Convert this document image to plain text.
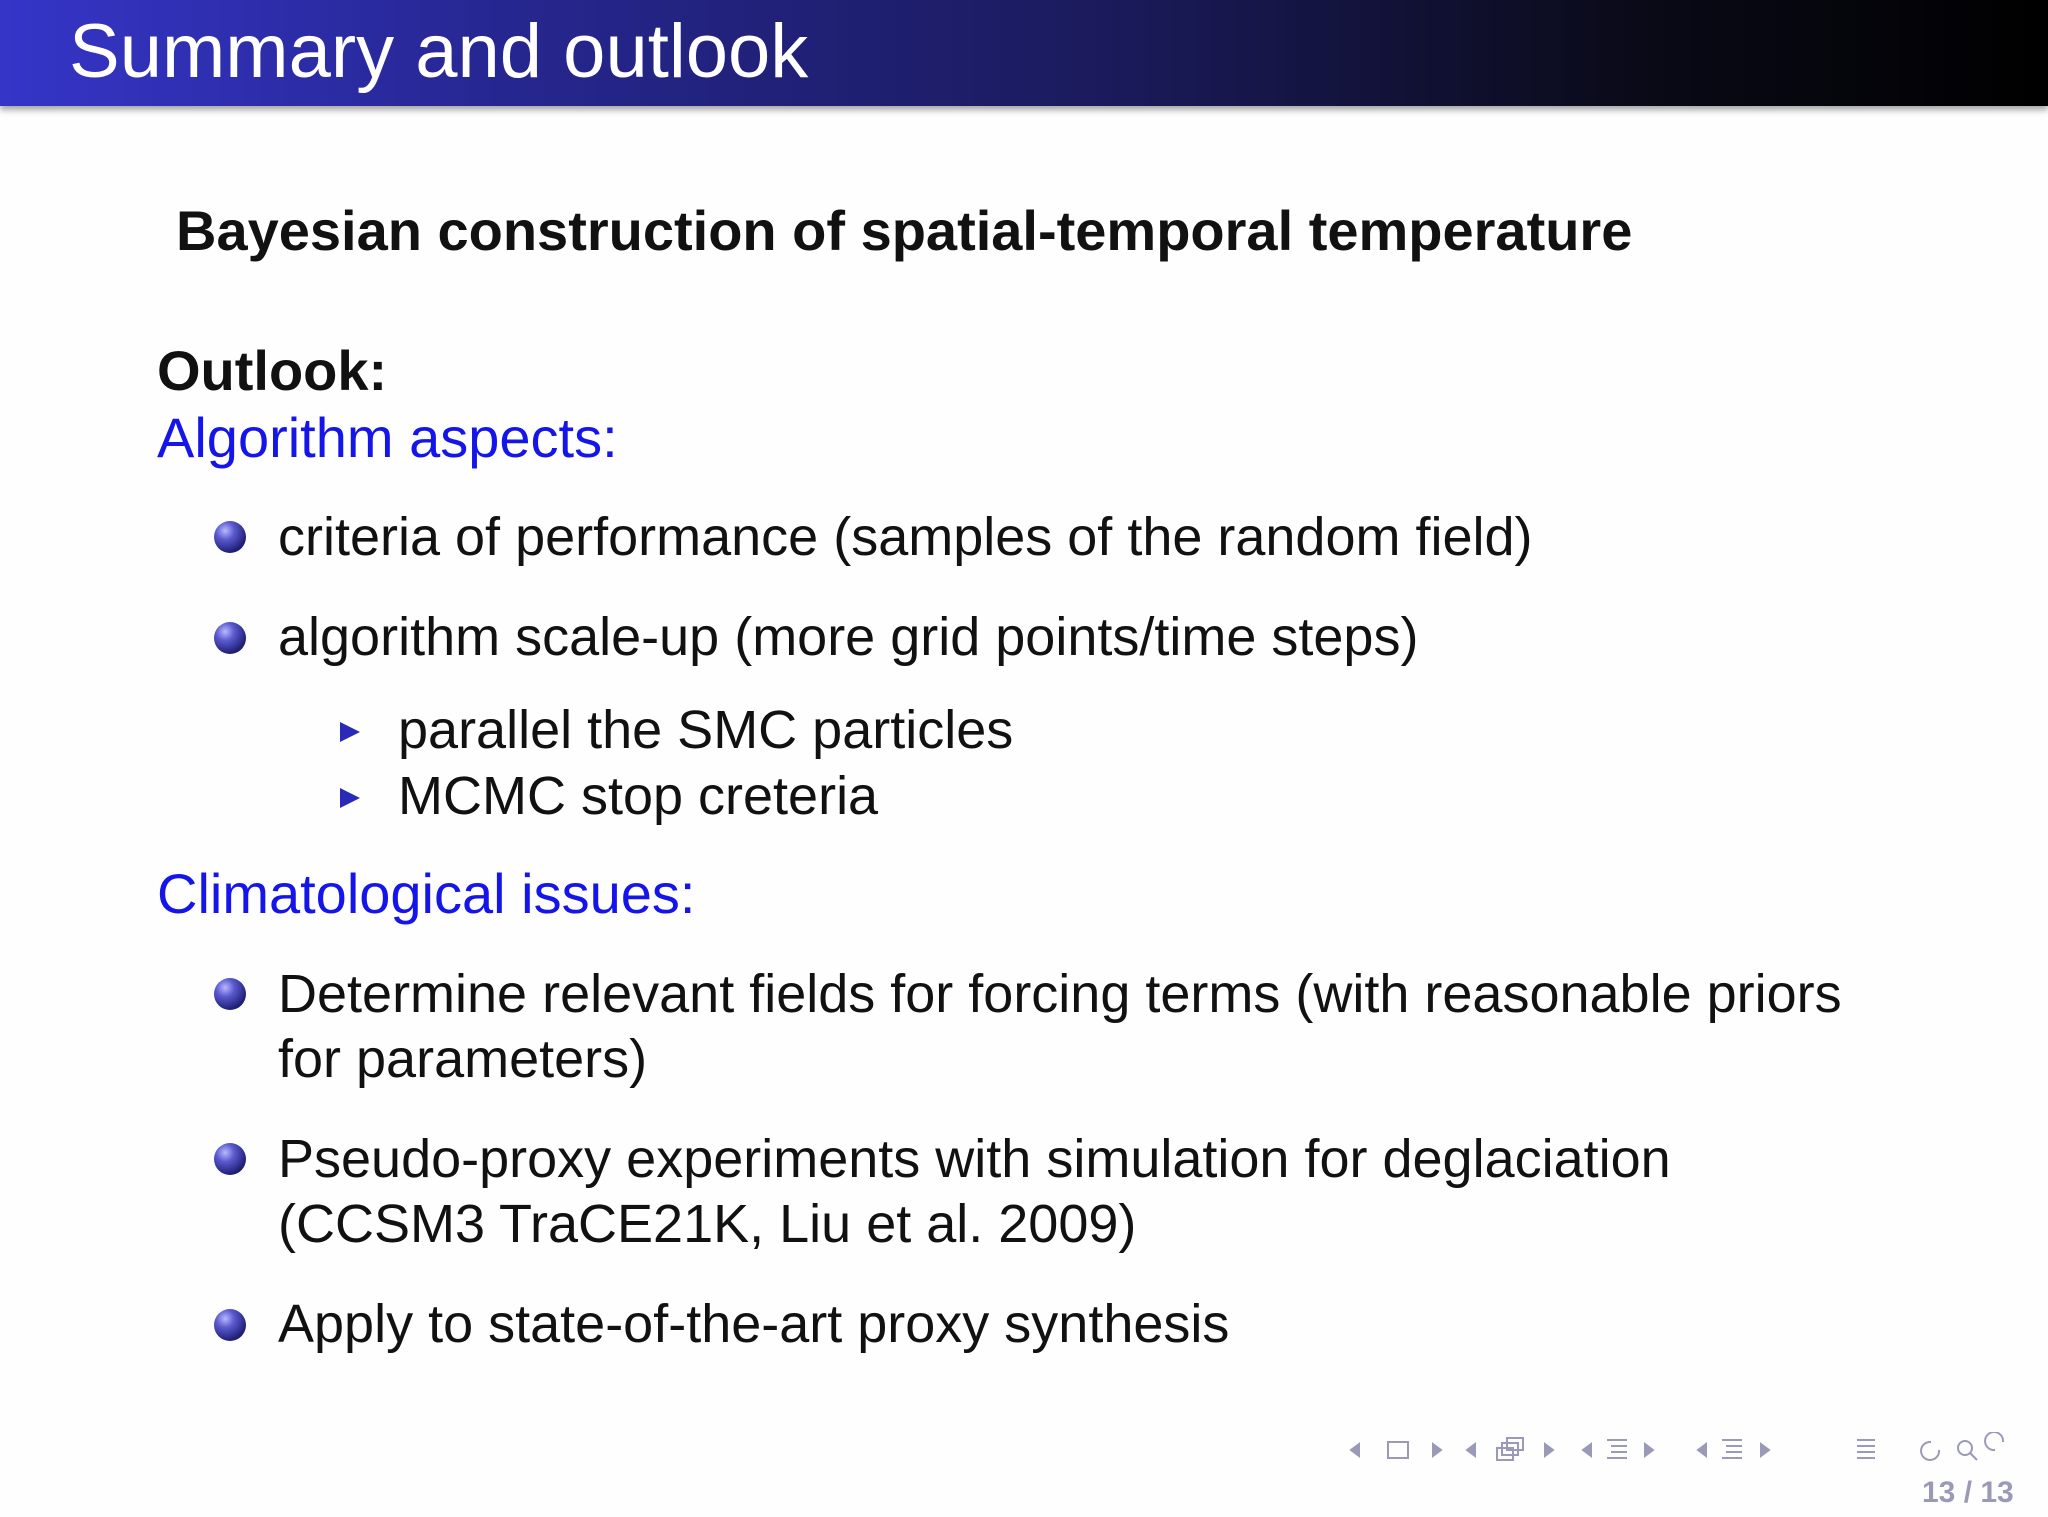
Summary and outlook
Bayesian construction of spatial-temporal temperature
Outlook:
Algorithm aspects:
criteria of performance (samples of the random field)
algorithm scale-up (more grid points/time steps)
parallel the SMC particles
MCMC stop creteria
Climatological issues:
Determine relevant fields for forcing terms (with reasonable priors
for parameters)
Pseudo-proxy experiments with simulation for deglaciation
(CCSM3 TraCE21K, Liu et al. 2009)
Apply to state-of-the-art proxy synthesis
13 / 13
